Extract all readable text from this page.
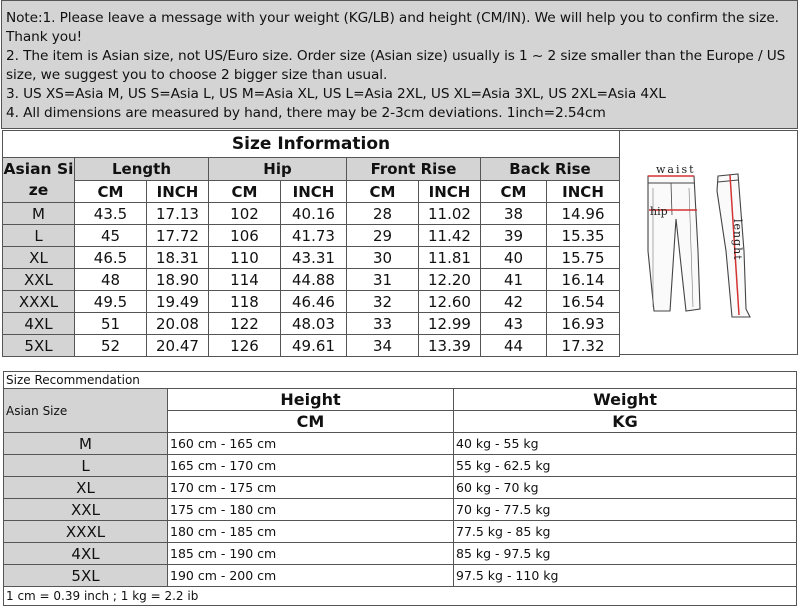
Note:1. Please leave a message with your weight (KG/LB) and height (CM/IN). We will help you to confirm the size.
Thank you!
2. The item is Asian size, not US/Euro size. Order size (Asian size) usually is 1 ~ 2 size smaller than the Europe / US
size, we suggest you to choose 2 bigger size than usual.
3. US XS=Asia M, US S=Asia L, US M=Asia XL, US L=Asia 2XL, US XL=Asia 3XL, US 2XL=Asia 4XL
4. All dimensions are measured by hand, there may be 2-3cm deviations. 1inch=2.54cm
Size Information								
Asian Size	Length		Hip		Front Rise		Back Rise	
	CM	INCH	CM	INCH	CM	INCH	CM	INCH
M	43.5	17.13	102	40.16	28	11.02	38	14.96
L	45	17.72	106	41.73	29	11.42	39	15.35
XL	46.5	18.31	110	43.31	30	11.81	40	15.75
XXL	48	18.90	114	44.88	31	12.20	41	16.14
XXXL	49.5	19.49	118	46.46	32	12.60	42	16.54
4XL	51	20.08	122	48.03	33	12.99	43	16.93
5XL	52	20.47	126	49.61	34	13.39	44	17.32
waist
hip
lenght
Size Recommendation		
Asian Size	Height	Weight
	CM	KG
M	160 cm - 165 cm	40 kg - 55 kg
L	165 cm - 170 cm	55 kg - 62.5 kg
XL	170 cm - 175 cm	60 kg - 70 kg
XXL	175 cm - 180 cm	70 kg - 77.5 kg
XXXL	180 cm - 185 cm	77.5 kg - 85 kg
4XL	185 cm - 190 cm	85 kg - 97.5 kg
5XL	190 cm - 200 cm	97.5 kg - 110 kg
1 cm = 0.39 inch ; 1 kg = 2.2 ib		
